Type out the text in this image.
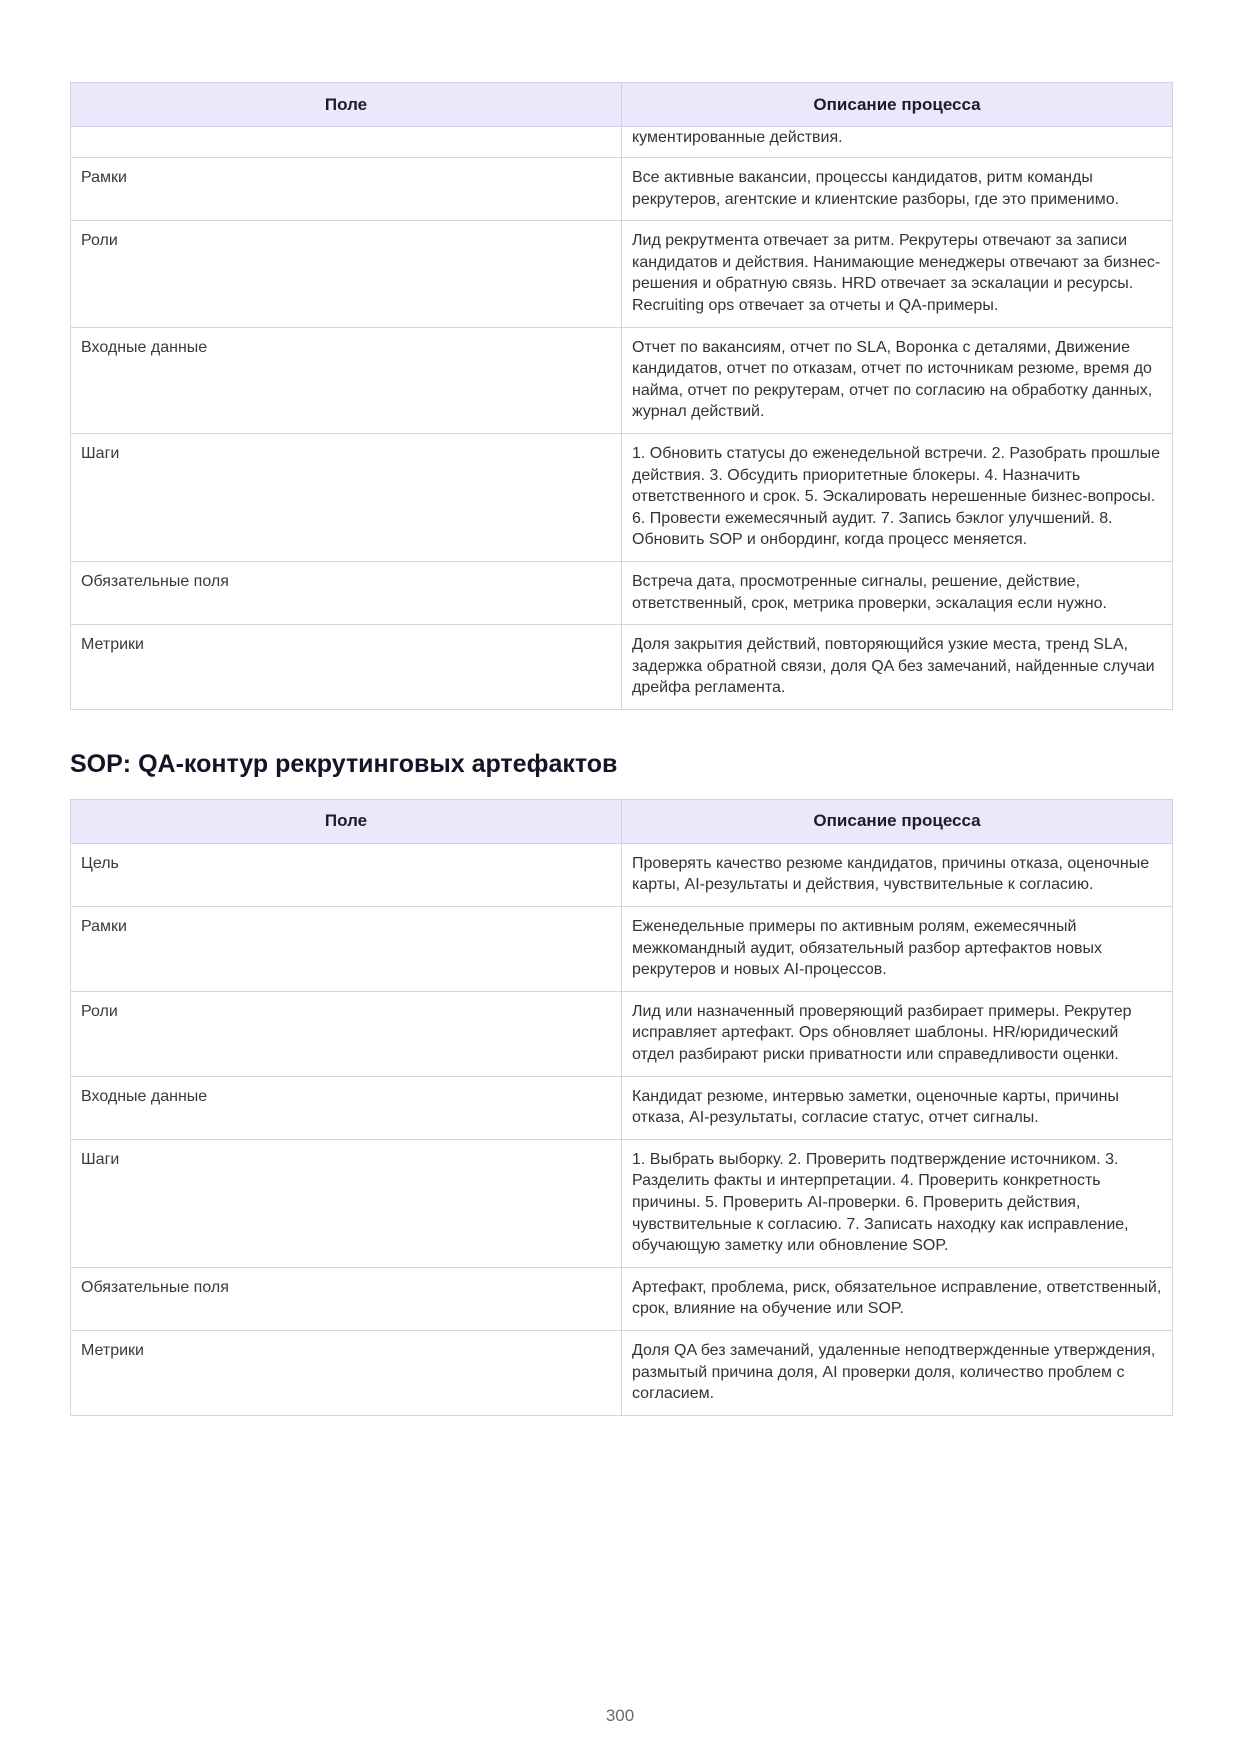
Поле	Описание процесса
	кументированные действия.
Рамки	Все активные вакансии, процессы кандидатов, ритм команды рекрутеров, агентские и клиентские разборы, где это применимо.
Роли	Лид рекрутмента отвечает за ритм. Рекрутеры отвечают за записи кандидатов и действия. Нанимающие менеджеры отвечают за бизнес-решения и обратную связь. HRD отвечает за эскалации и ресурсы. Recruiting ops отвечает за отчеты и QA-примеры.
Входные данные	Отчет по вакансиям, отчет по SLA, Воронка с деталями, Движение кандидатов, отчет по отказам, отчет по источникам резюме, время до найма, отчет по рекрутерам, отчет по согласию на обработку данных, журнал действий.
Шаги	1. Обновить статусы до еженедельной встречи. 2. Разобрать прошлые действия. 3. Обсудить приоритетные блокеры. 4. Назначить ответственного и срок. 5. Эскалировать нерешенные бизнес-вопросы. 6. Провести ежемесячный аудит. 7. Запись бэклог улучшений. 8. Обновить SOP и онбординг, когда процесс меняется.
Обязательные поля	Встреча дата, просмотренные сигналы, решение, действие, ответственный, срок, метрика проверки, эскалация если нужно.
Метрики	Доля закрытия действий, повторяющийся узкие места, тренд SLA, задержка обратной связи, доля QA без замечаний, найденные случаи дрейфа регламента.
SOP: QA-контур рекрутинговых артефактов
Поле	Описание процесса
Цель	Проверять качество резюме кандидатов, причины отказа, оценочные карты, AI-результаты и действия, чувствительные к согласию.
Рамки	Еженедельные примеры по активным ролям, ежемесячный межкомандный аудит, обязательный разбор артефактов новых рекрутеров и новых AI-процессов.
Роли	Лид или назначенный проверяющий разбирает примеры. Рекрутер исправляет артефакт. Ops обновляет шаблоны. HR/юридический отдел разбирают риски приватности или справедливости оценки.
Входные данные	Кандидат резюме, интервью заметки, оценочные карты, причины отказа, AI-результаты, согласие статус, отчет сигналы.
Шаги	1. Выбрать выборку. 2. Проверить подтверждение источником. 3. Разделить факты и интерпретации. 4. Проверить конкретность причины. 5. Проверить AI-проверки. 6. Проверить действия, чувствительные к согласию. 7. Записать находку как исправление, обучающую заметку или обновление SOP.
Обязательные поля	Артефакт, проблема, риск, обязательное исправление, ответственный, срок, влияние на обучение или SOP.
Метрики	Доля QA без замечаний, удаленные неподтвержденные утверждения, размытый причина доля, AI проверки доля, количество проблем с согласием.
300
